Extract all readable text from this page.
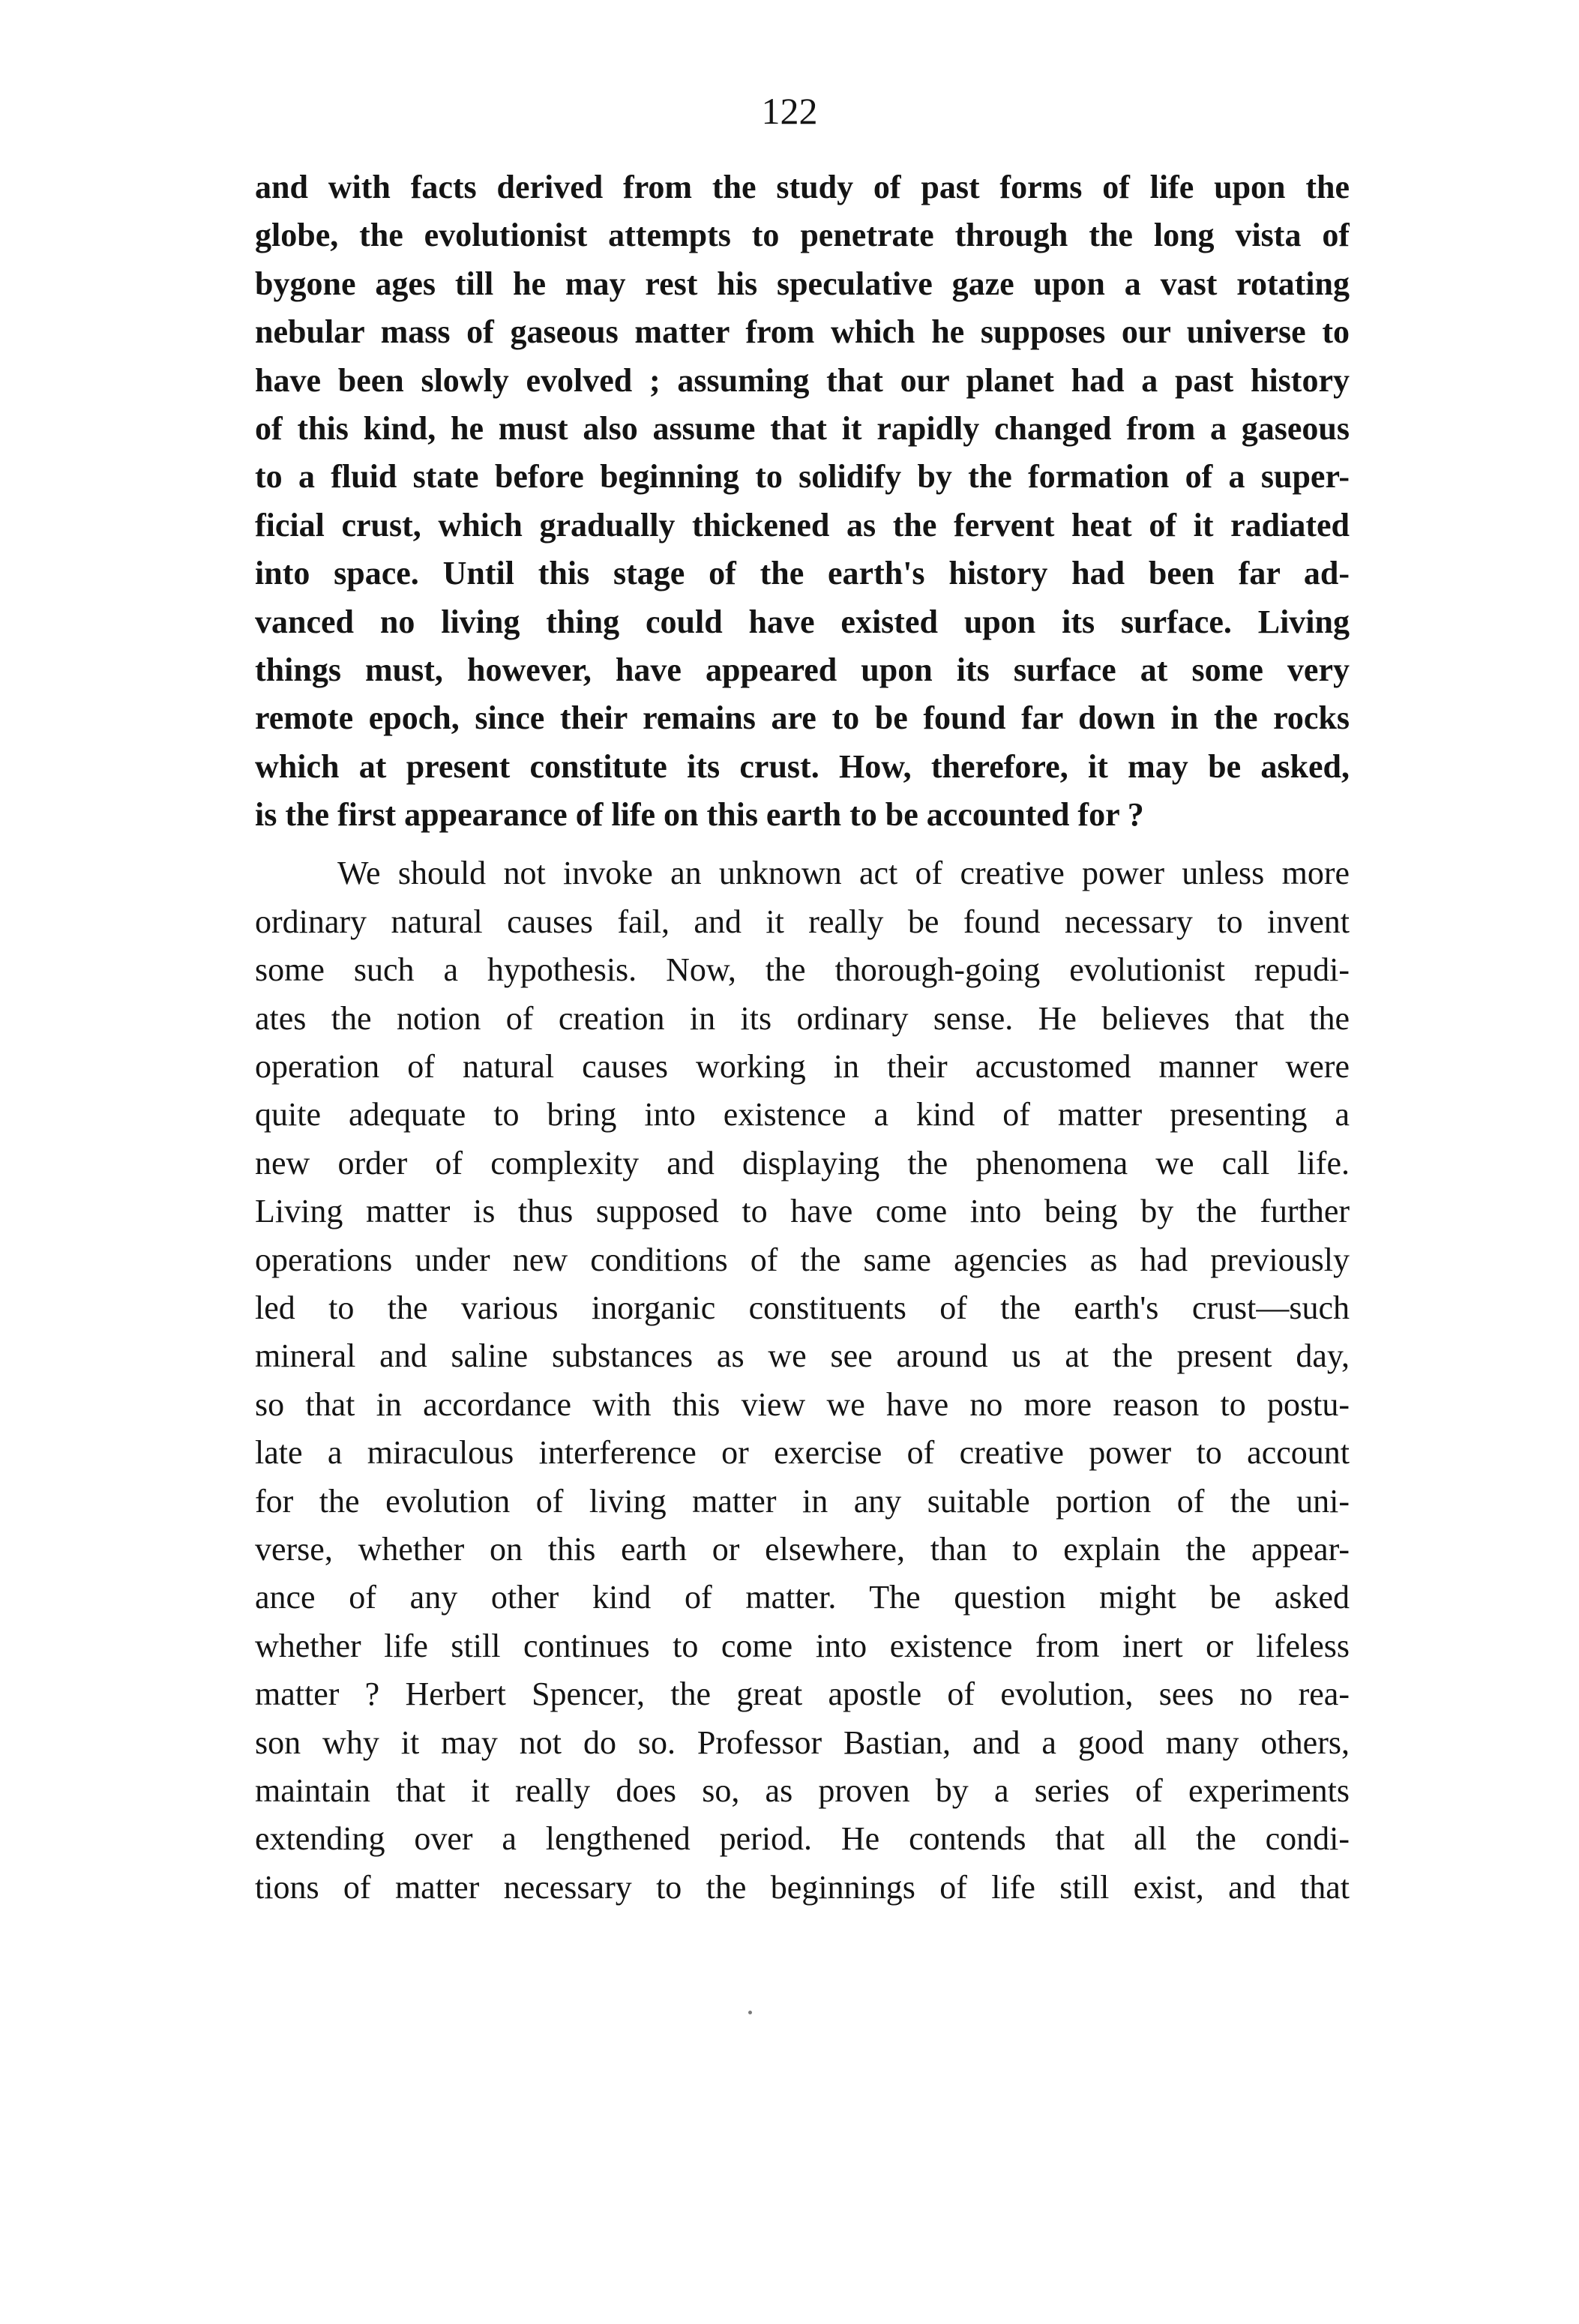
122
and with facts derived from the study of past forms of life upon the
globe, the evolutionist attempts to penetrate through the long vista of
bygone ages till he may rest his speculative gaze upon a vast rotating
nebular mass of gaseous matter from which he supposes our universe to
have been slowly evolved ; assuming that our planet had a past history
of this kind, he must also assume that it rapidly changed from a gaseous
to a fluid state before beginning to solidify by the formation of a super-
ficial crust, which gradually thickened as the fervent heat of it radiated
into space. Until this stage of the earth's history had been far ad-
vanced no living thing could have existed upon its surface. Living
things must, however, have appeared upon its surface at some very
remote epoch, since their remains are to be found far down in the rocks
which at present constitute its crust. How, therefore, it may be asked,
is the first appearance of life on this earth to be accounted for ?
We should not invoke an unknown act of creative power unless more
ordinary natural causes fail, and it really be found necessary to invent
some such a hypothesis. Now, the thorough-going evolutionist repudi-
ates the notion of creation in its ordinary sense. He believes that the
operation of natural causes working in their accustomed manner were
quite adequate to bring into existence a kind of matter presenting a
new order of complexity and displaying the phenomena we call life.
Living matter is thus supposed to have come into being by the further
operations under new conditions of the same agencies as had previously
led to the various inorganic constituents of the earth's crust—such
mineral and saline substances as we see around us at the present day,
so that in accordance with this view we have no more reason to postu-
late a miraculous interference or exercise of creative power to account
for the evolution of living matter in any suitable portion of the uni-
verse, whether on this earth or elsewhere, than to explain the appear-
ance of any other kind of matter. The question might be asked
whether life still continues to come into existence from inert or lifeless
matter ? Herbert Spencer, the great apostle of evolution, sees no rea-
son why it may not do so. Professor Bastian, and a good many others,
maintain that it really does so, as proven by a series of experiments
extending over a lengthened period. He contends that all the condi-
tions of matter necessary to the beginnings of life still exist, and that
